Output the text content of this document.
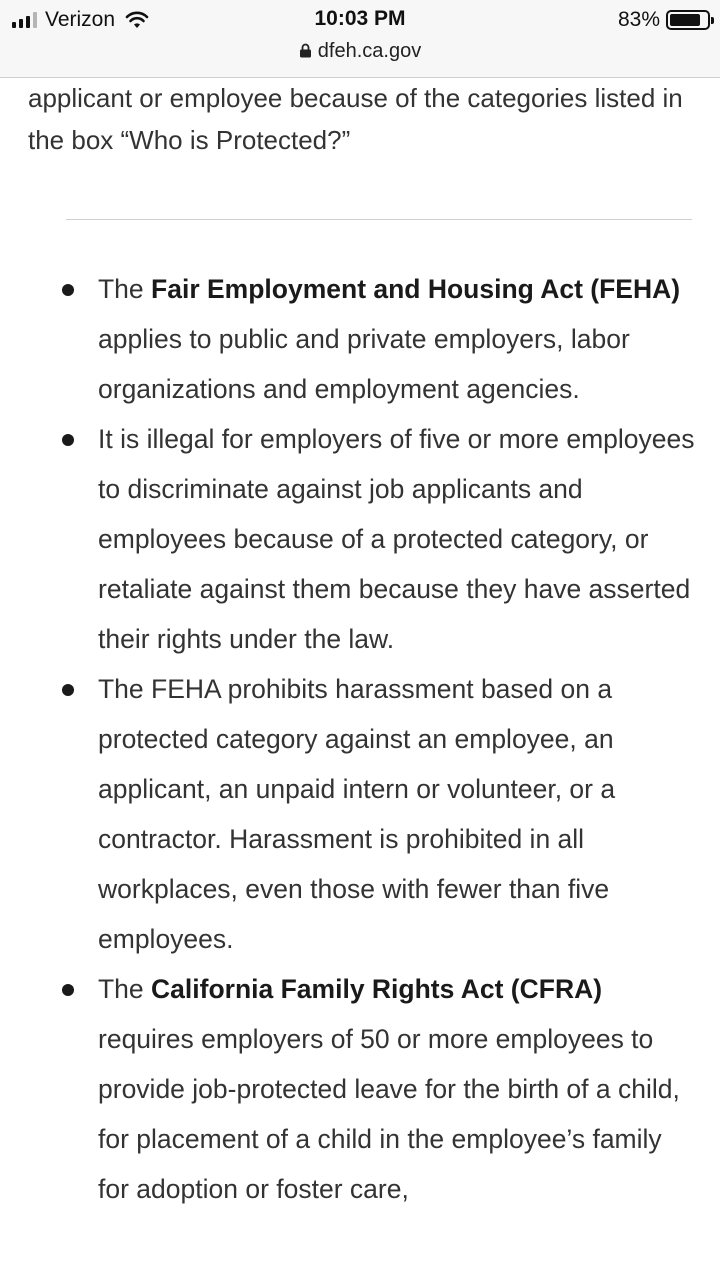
Verizon	10:03 PM
dfeh.ca.gov
83%

applicant or employee because of the categories listed in the box “Who is Protected?”

The Fair Employment and Housing Act (FEHA) applies to public and private employers, labor organizations and employment agencies.
It is illegal for employers of five or more employees to discriminate against job applicants and employees because of a protected category, or retaliate against them because they have asserted their rights under the law.
The FEHA prohibits harassment based on a protected category against an employee, an applicant, an unpaid intern or volunteer, or a contractor. Harassment is prohibited in all workplaces, even those with fewer than five employees.
The California Family Rights Act (CFRA) requires employers of 50 or more employees to provide job-protected leave for the birth of a child, for placement of a child in the employee’s family for adoption or foster care,
